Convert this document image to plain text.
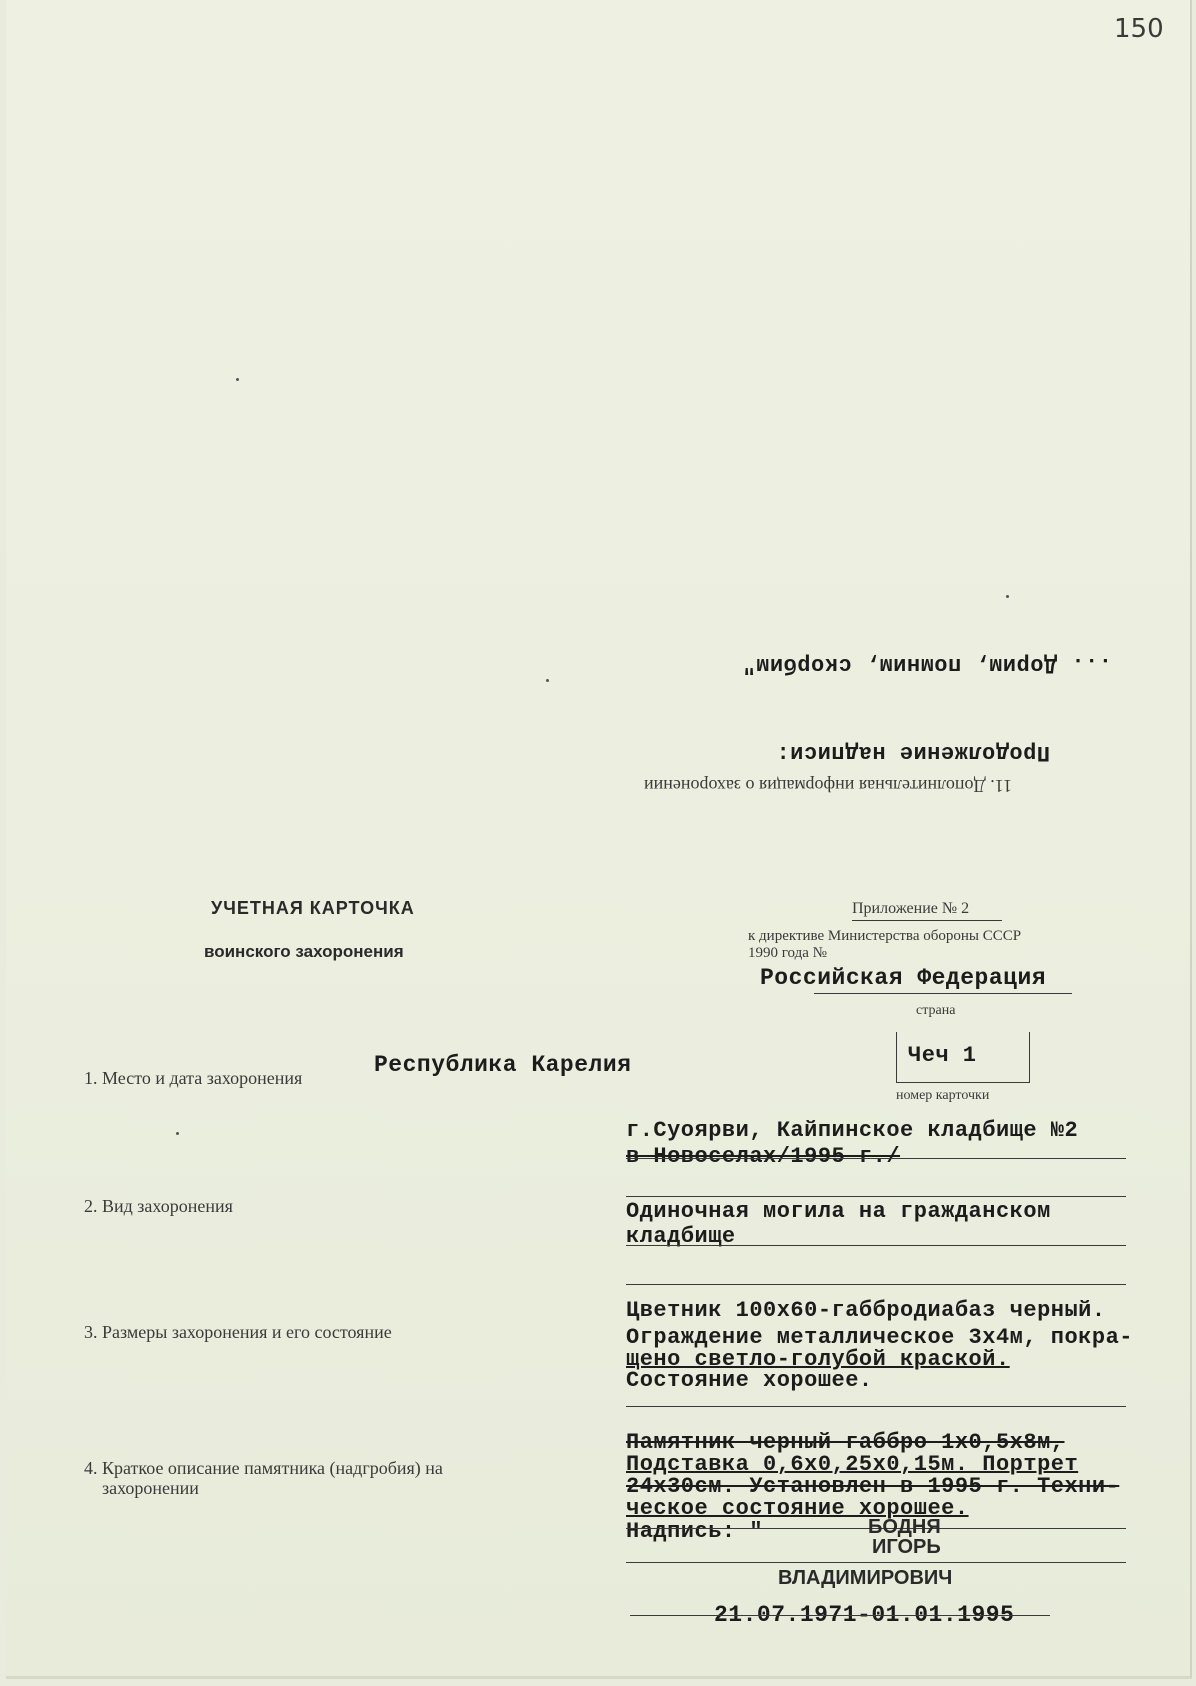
150
... Дорим, помним, скорбим"
Продолжение надписи:
11. Дополнительная информация о захоронении
УЧЕТНАЯ КАРТОЧКА
воинского захоронения
Приложение № 2
к директиве Министерства обороны СССР
1990 года №
Российская Федерация
страна
Чеч 1
номер карточки
1. Место и дата захоронения	Республика Карелия
г.Суоярви, Кайпинское кладбище №2
в Новоселах/1995 г./
2. Вид захоронения	Одиночная могила на гражданском
кладбище
3. Размеры захоронения и его состояние
Цветник 100х60-габбродиабаз черный.
Ограждение металлическое 3х4м, покра-
щено светло-голубой краской.
Состояние хорошее.
4. Краткое описание памятника (надгробия) на
захоронении
Памятник черный габбро 1х0,5х8м,
Подставка 0,6х0,25х0,15м. Портрет
24х30см. Установлен в 1995 г. Техни-
ческое состояние хорошее.
Надпись: "	БОДНЯ
ИГОРЬ
ВЛАДИМИРОВИЧ
21.07.1971-01.01.1995
